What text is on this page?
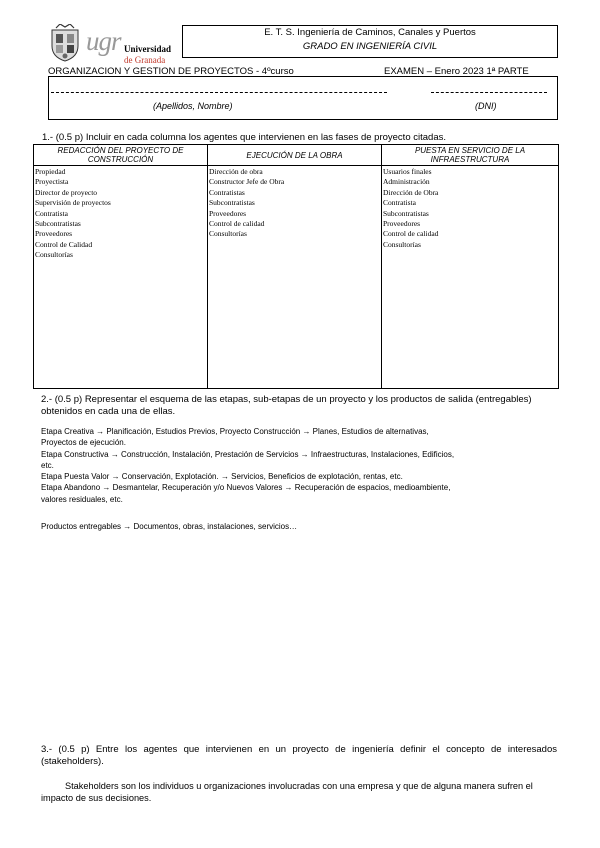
ugr Universidad
de Granada
E. T. S. Ingeniería de Caminos, Canales y Puertos
GRADO EN INGENIERÍA CIVIL
ORGANIZACION Y GESTION DE PROYECTOS - 4ºcurso	EXAMEN – Enero 2023 1ª PARTE
(Apellidos, Nombre)	(DNI)
1.- (0.5 p) Incluir en cada columna los agentes que intervienen en las fases de proyecto citadas.
REDACCIÓN DEL PROYECTO DE CONSTRUCCIÓN
Propiedad
Proyectista
Director de proyecto
Supervisión de proyectos
Contratista
Subcontratistas
Proveedores
Control de Calidad
Consultorías
EJECUCIÓN DE LA OBRA
Dirección de obra
Constructor Jefe de Obra
Contratistas
Subcontratistas
Proveedores
Control de calidad
Consultorías
PUESTA EN SERVICIO DE LA INFRAESTRUCTURA
Usuarios finales
Administración
Dirección de Obra
Contratista
Subcontratistas
Proveedores
Control de calidad
Consultorías
2.- (0.5 p) Representar el esquema de las etapas, sub-etapas de un proyecto y los productos de salida (entregables) obtenidos en cada una de ellas.
Etapa Creativa → Planificación, Estudios Previos, Proyecto Construcción → Planes, Estudios de alternativas,
Proyectos de ejecución.
Etapa Constructiva → Construcción, Instalación, Prestación de Servicios → Infraestructuras, Instalaciones, Edificios,
etc.
Etapa Puesta Valor → Conservación, Explotación. → Servicios, Beneficios de explotación, rentas, etc.
Etapa Abandono → Desmantelar, Recuperación y/o Nuevos Valores → Recuperación de espacios, medioambiente,
valores residuales, etc.
Productos entregables → Documentos, obras, instalaciones, servicios…
3.- (0.5 p) Entre los agentes que intervienen en un proyecto de ingeniería definir el concepto de interesados (stakeholders).
Stakeholders son los individuos u organizaciones involucradas con una empresa y que de alguna manera sufren el impacto de sus decisiones.
